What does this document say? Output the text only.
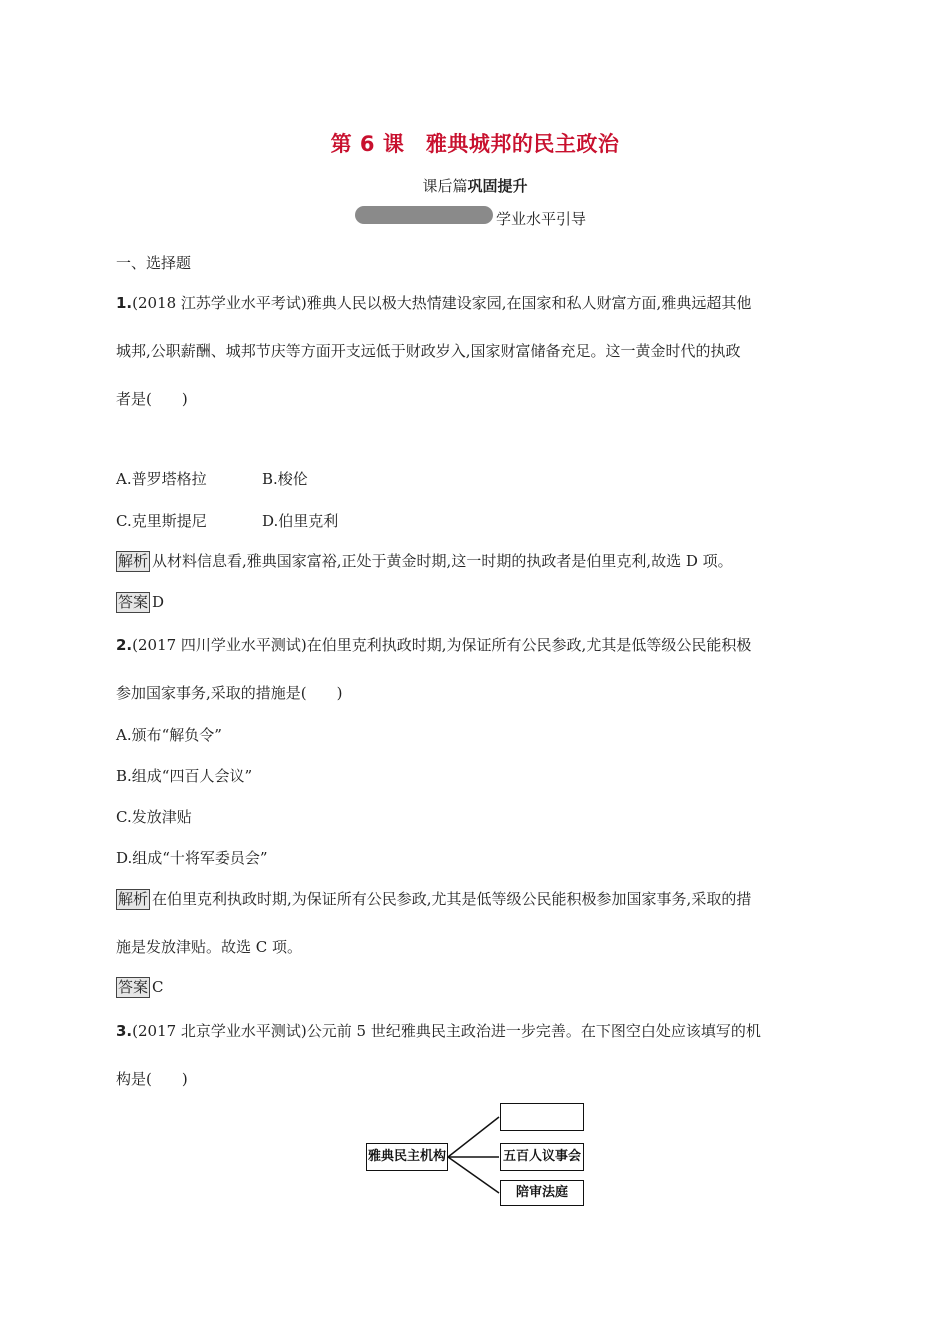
第 6 课　雅典城邦的民主政治
课后篇巩固提升
学业水平引导
一、选择题
1.(2018 江苏学业水平考试)雅典人民以极大热情建设家园,在国家和私人财富方面,雅典远超其他
城邦,公职薪酬、城邦节庆等方面开支远低于财政岁入,国家财富储备充足。这一黄金时代的执政
者是(　　)
A.普罗塔格拉	B.梭伦
C.克里斯提尼	D.伯里克利
解析 从材料信息看,雅典国家富裕,正处于黄金时期,这一时期的执政者是伯里克利,故选 D 项。
答案 D
2.(2017 四川学业水平测试)在伯里克利执政时期,为保证所有公民参政,尤其是低等级公民能积极
参加国家事务,采取的措施是(　　)
A.颁布“解负令”
B.组成“四百人会议”
C.发放津贴
D.组成“十将军委员会”
解析 在伯里克利执政时期,为保证所有公民参政,尤其是低等级公民能积极参加国家事务,采取的措
施是发放津贴。故选 C 项。
答案 C
3.(2017 北京学业水平测试)公元前 5 世纪雅典民主政治进一步完善。在下图空白处应该填写的机
构是(　　)
雅典民主机构	五百人议事会
陪审法庭
